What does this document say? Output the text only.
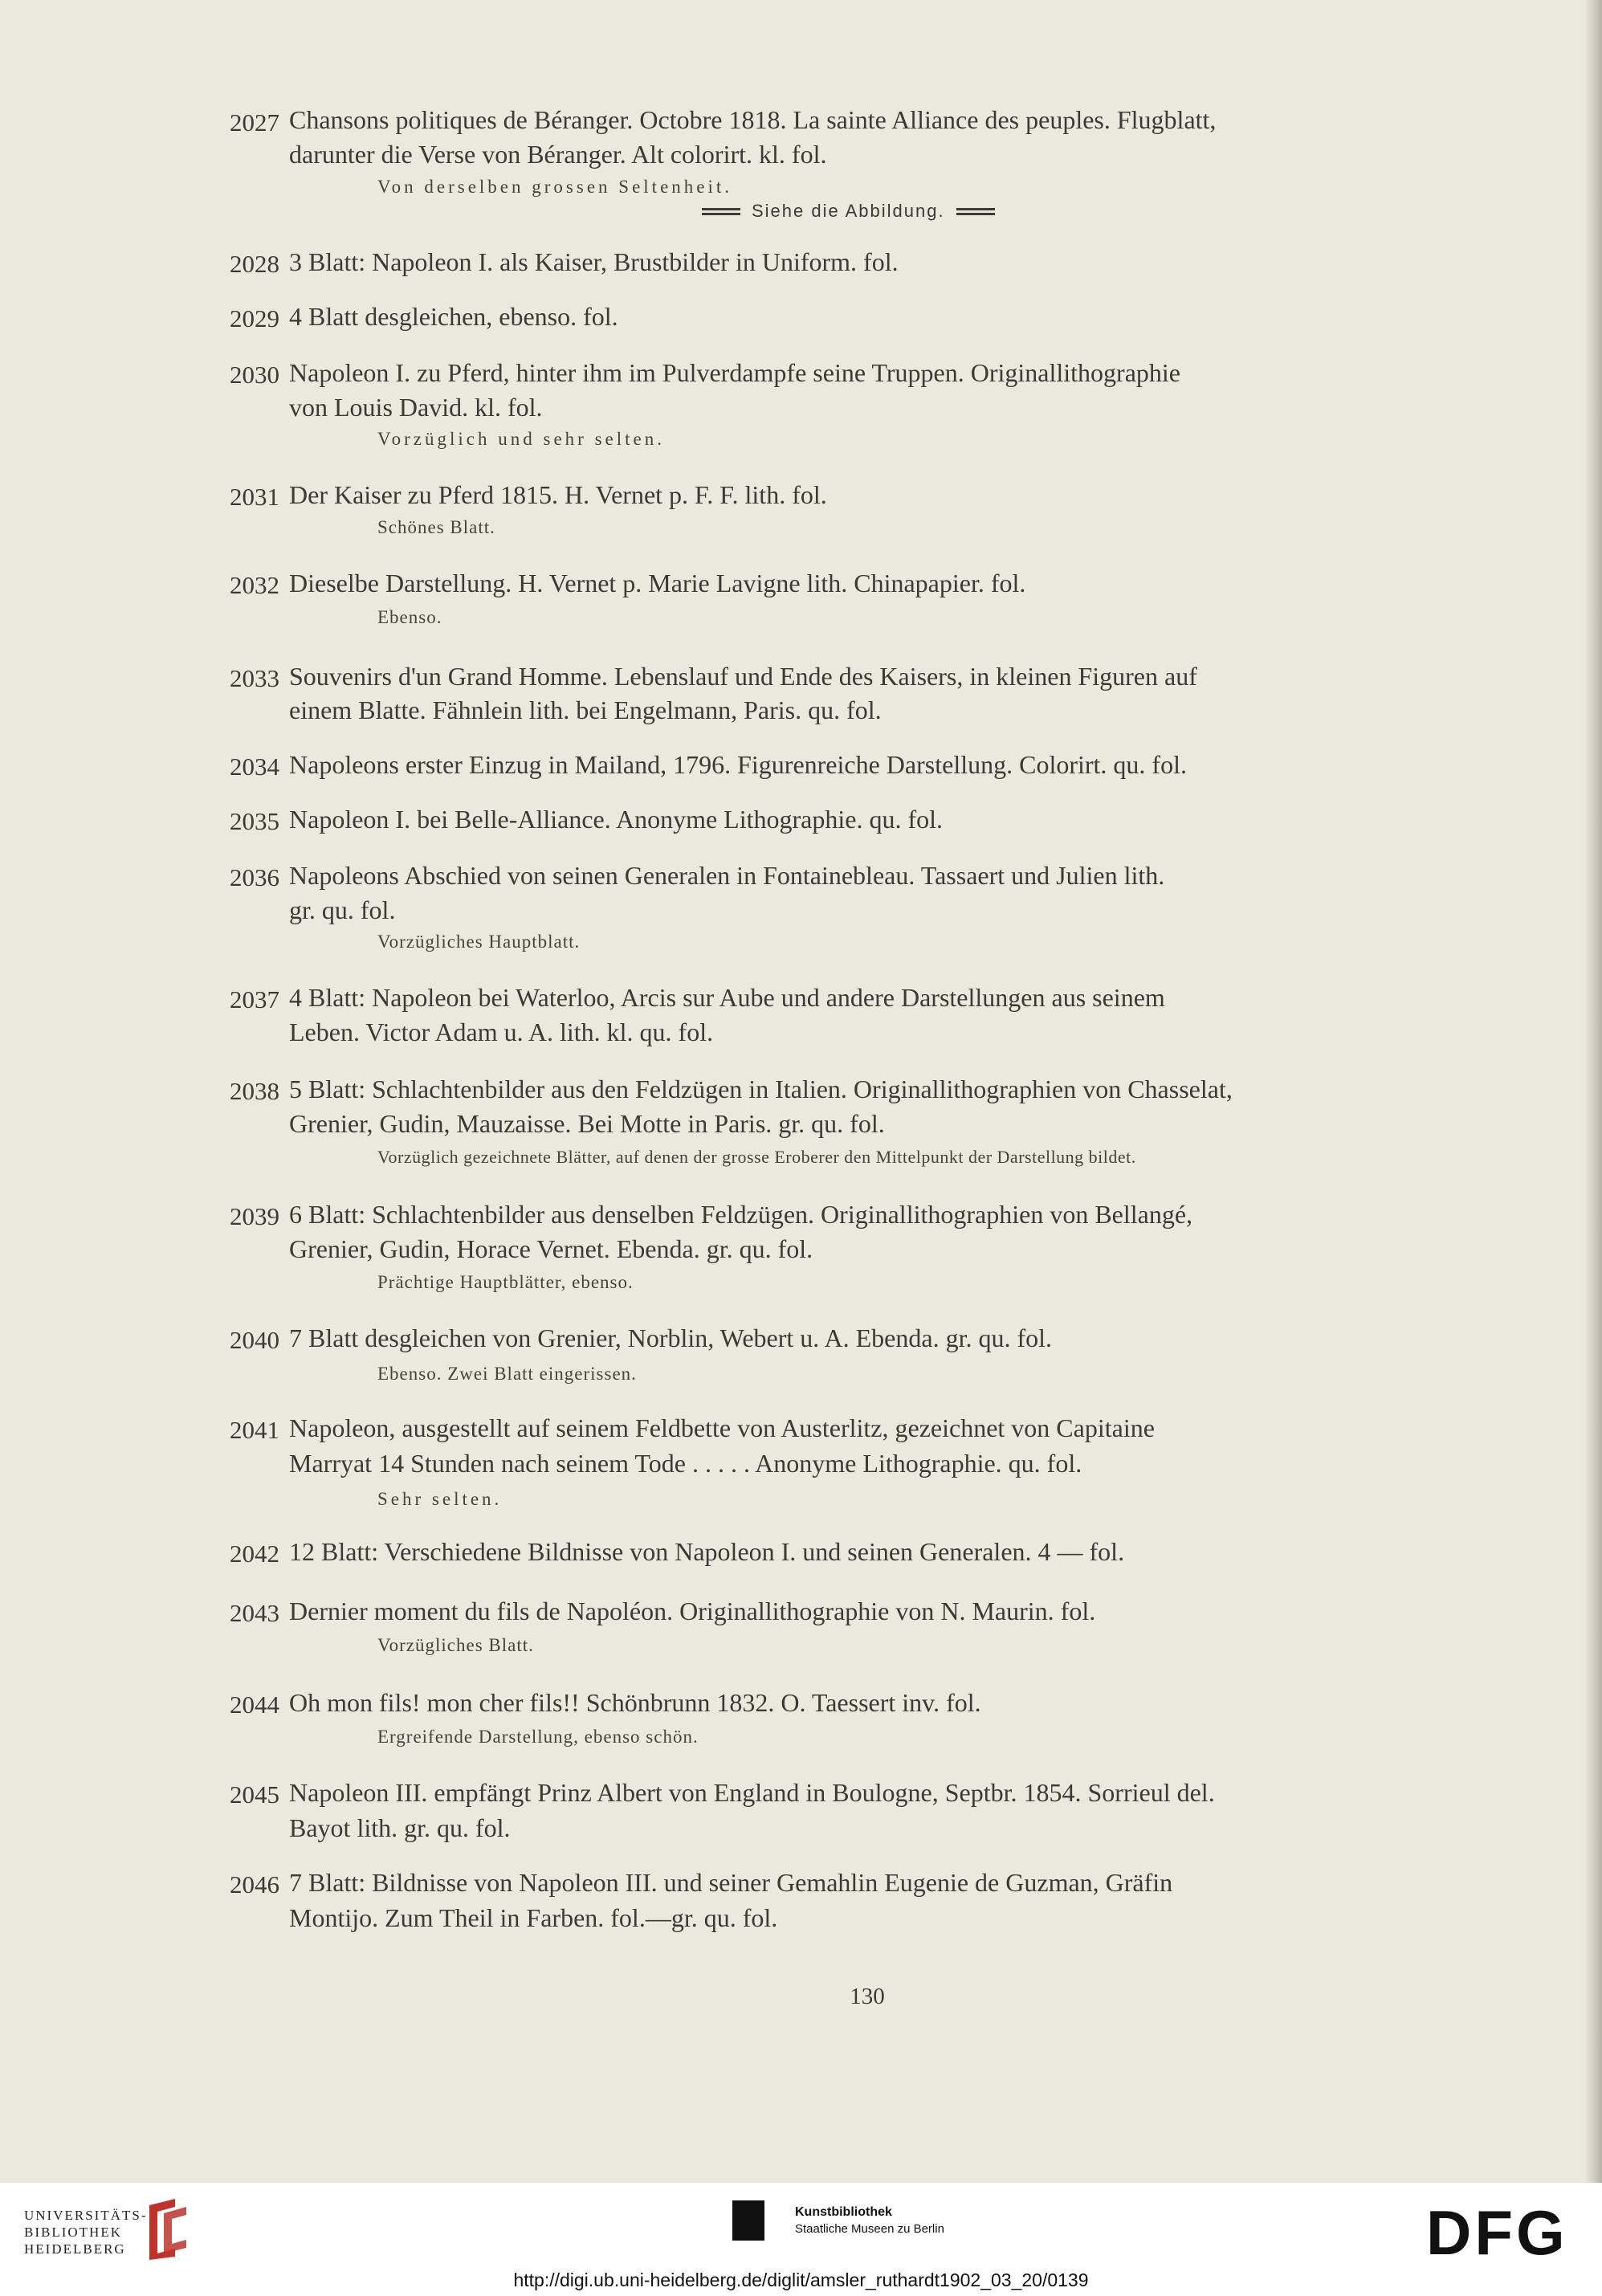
2027 Chansons politiques de Béranger. Octobre 1818. La sainte Alliance des peuples. Flugblatt,
darunter die Verse von Béranger. Alt colorirt. kl. fol.
Von derselben grossen Seltenheit.
Siehe die Abbildung.
2028 3 Blatt: Napoleon I. als Kaiser, Brustbilder in Uniform. fol.
2029 4 Blatt desgleichen, ebenso. fol.
2030 Napoleon I. zu Pferd, hinter ihm im Pulverdampfe seine Truppen. Originallithographie
von Louis David. kl. fol.
Vorzüglich und sehr selten.
2031 Der Kaiser zu Pferd 1815. H. Vernet p. F. F. lith. fol.
Schönes Blatt.
2032 Dieselbe Darstellung. H. Vernet p. Marie Lavigne lith. Chinapapier. fol.
Ebenso.
2033 Souvenirs d'un Grand Homme. Lebenslauf und Ende des Kaisers, in kleinen Figuren auf
einem Blatte. Fähnlein lith. bei Engelmann, Paris. qu. fol.
2034 Napoleons erster Einzug in Mailand, 1796. Figurenreiche Darstellung. Colorirt. qu. fol.
2035 Napoleon I. bei Belle-Alliance. Anonyme Lithographie. qu. fol.
2036 Napoleons Abschied von seinen Generalen in Fontainebleau. Tassaert und Julien lith.
gr. qu. fol.
Vorzügliches Hauptblatt.
2037 4 Blatt: Napoleon bei Waterloo, Arcis sur Aube und andere Darstellungen aus seinem
Leben. Victor Adam u. A. lith. kl. qu. fol.
2038 5 Blatt: Schlachtenbilder aus den Feldzügen in Italien. Originallithographien von Chasselat,
Grenier, Gudin, Mauzaisse. Bei Motte in Paris. gr. qu. fol.
Vorzüglich gezeichnete Blätter, auf denen der grosse Eroberer den Mittelpunkt der Darstellung bildet.
2039 6 Blatt: Schlachtenbilder aus denselben Feldzügen. Originallithographien von Bellangé,
Grenier, Gudin, Horace Vernet. Ebenda. gr. qu. fol.
Prächtige Hauptblätter, ebenso.
2040 7 Blatt desgleichen von Grenier, Norblin, Webert u. A. Ebenda. gr. qu. fol.
Ebenso. Zwei Blatt eingerissen.
2041 Napoleon, ausgestellt auf seinem Feldbette von Austerlitz, gezeichnet von Capitaine
Marryat 14 Stunden nach seinem Tode . . . . . Anonyme Lithographie. qu. fol.
Sehr selten.
2042 12 Blatt: Verschiedene Bildnisse von Napoleon I. und seinen Generalen. 4 — fol.
2043 Dernier moment du fils de Napoléon. Originallithographie von N. Maurin. fol.
Vorzügliches Blatt.
2044 Oh mon fils! mon cher fils!! Schönbrunn 1832. O. Taessert inv. fol.
Ergreifende Darstellung, ebenso schön.
2045 Napoleon III. empfängt Prinz Albert von England in Boulogne, Septbr. 1854. Sorrieul del.
Bayot lith. gr. qu. fol.
2046 7 Blatt: Bildnisse von Napoleon III. und seiner Gemahlin Eugenie de Guzman, Gräfin
Montijo. Zum Theil in Farben. fol.—gr. qu. fol.
130
UNIVERSITÄTS-
BIBLIOTHEK
HEIDELBERG
Kunstbibliothek
Staatliche Museen zu Berlin	DFG
http://digi.ub.uni-heidelberg.de/diglit/amsler_ruthardt1902_03_20/0139
